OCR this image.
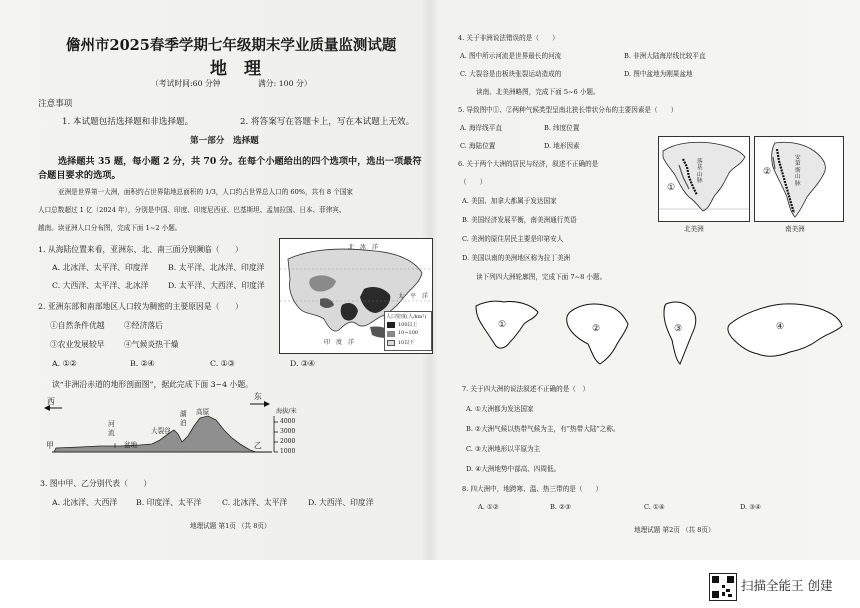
儋州市2025春季学期七年级期末学业质量监测试题
地　理
（考试时间:60 分钟	满分: 100 分）
注意事项
1. 本试题包括选择题和非选择题。	2. 将答案写在答题卡上，写在本试题上无效。
第一部分　选择题
选择题共 35 题，每小题 2 分，共 70 分。在每个小题给出的四个选项中，选出一项最符
合题目要求的选项。
亚洲是世界第一大洲，面积约占世界陆地总面积的 1/3，人口约占世界总人口的 60%，共有 8 个国家
人口总数超过 1 亿（2024 年），分别是中国、印度、印度尼西亚、巴基斯坦、孟加拉国、日本、菲律宾、
越南。读亚洲人口分布图，完成下面 1~2 小题。
1. 从海陆位置来看，亚洲东、北、南三面分别濒临（　　）
A. 北冰洋、太平洋、印度洋	B. 太平洋、北冰洋、印度洋
C. 大西洋、太平洋、北冰洋	D. 太平洋、大西洋、印度洋
2. 亚洲东部和南部地区人口较为稠密的主要原因是（　　）
①自然条件优越 ②经济落后
③农业发展较早 ④气候炎热干燥
A. ①②	B. ②④	C. ①③	D. ③④
北　冰　洋
太　平　洋
印　度　洋
人口密度(人/km²)
100以上
10~100
10以下
读“非洲沿赤道的地形剖面图”，据此完成下面 3~4 小题。
西
东
海拔/米
4000
3000
2000
1000
甲	乙
河
流
盆地
大裂谷
湖
泊
高原
3. 图中甲、乙分别代表（　　）
A. 北冰洋、大西洋 B. 印度洋、太平洋	C. 北冰洋、太平洋	D. 大西洋、印度洋
地理试题 第1页 （共 8页）
4. 关于非洲说法错误的是（　　）
A. 图中所示河流是世界最长的河流	B. 非洲大陆海岸线比较平直
C. 大裂谷是由板块张裂运动造成的	D. 图中盆地为刚果盆地
读南、北美洲略图，完成下面 5~6 小题。
5. 导致图中①、②两种气候类型呈南北狭长带状分布的主要因素是（　　）
A. 海岸线平直	B. 纬度位置
C. 海陆位置	D. 地形因素
6. 关于两个大洲的居民与经济，叙述不正确的是
（　　）
A. 美国、加拿大都属于发达国家
B. 美国经济发展平衡，南美洲通行英语
C. 美洲的原住居民主要是印第安人
D. 美国以南的美洲地区称为拉丁美洲
读下列四大洲轮廓图，完成下面 7~8 小题。
①
落基山脉
北美洲
②
安第斯山脉
南美洲
①	②	③	④
7. 关于四大洲的说法叙述不正确的是（　）
A. ①大洲都为发达国家
B. ②大洲气候以热带气候为主，有“热带大陆”之称。
C. ③大洲地形以平原为主
D. ④大洲地势中部高、四周低。
8. 四大洲中，地跨寒、温、热三带的是（　　）
A. ①②	B. ②③	C. ①④	D. ③④
地理试题 第2页 （共 8页）
扫描全能王 创建
